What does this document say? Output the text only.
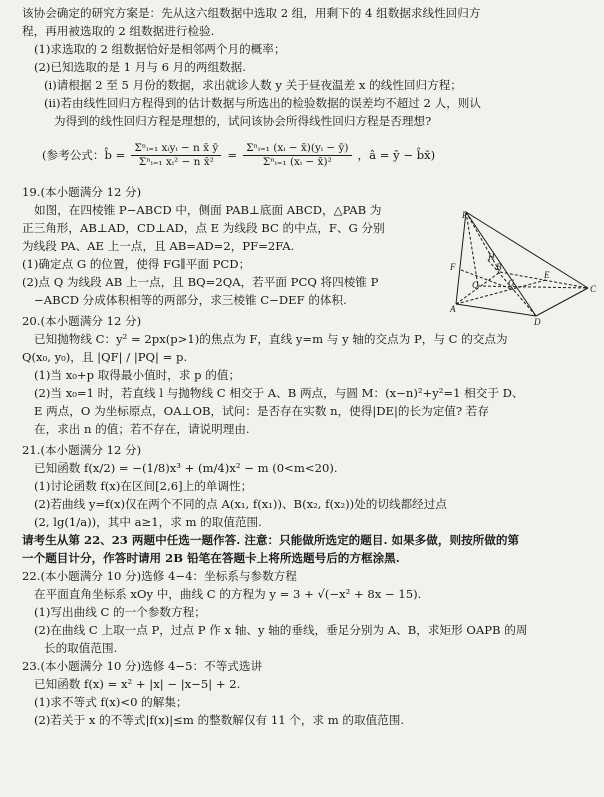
该协会确定的研究方案是：先从这六组数据中选取 2 组，用剩下的 4 组数据求线性回归方
程，再用被选取的 2 组数据进行检验.
(1)求选取的 2 组数据恰好是相邻两个月的概率；
(2)已知选取的是 1 月与 6 月的两组数据.
(i)请根据 2 至 5 月份的数据，求出就诊人数 y 关于昼夜温差 x 的线性回归方程；
(ii)若由线性回归方程得到的估计数据与所选出的检验数据的误差均不超过 2 人，则认
为得到的线性回归方程是理想的，试问该协会所得线性回归方程是否理想?
(参考公式：b̂ = $\frac{\text{Σⁿᵢ₌₁ xᵢyᵢ − n x̄ ȳ}}{\text{Σⁿᵢ₌₁ xᵢ² − n x̄²}} = \frac{\text{Σⁿᵢ₌₁ (xᵢ − x̄)(yᵢ − ȳ)}}{\text{Σⁿᵢ₌₁ (xᵢ − x̄)²}}$ ，â = ȳ − b̂x̄)
19.(本小题满分 12 分)
如图，在四棱锥 P−ABCD 中，侧面 PAB⊥底面 ABCD，△PAB 为
正三角形，AB⊥AD，CD⊥AD，点 E 为线段 BC 的中点，F、G 分别
为线段 PA、AE 上一点，且 AB=AD=2，PF=2FA.
(1)确定点 G 的位置，使得 FG∥平面 PCD；
(2)点 Q 为线段 AB 上一点，且 BQ=2QA，若平面 PCQ 将四棱锥 P
−ABCD 分成体积相等的两部分，求三棱锥 C−DEF 的体积.
P
F
H
B
Q	G
E
C
A
D
20.(本小题满分 12 分)
已知抛物线 C：y² = 2px(p>1)的焦点为 F，直线 y=m 与 y 轴的交点为 P，与 C 的交点为
Q(x₀, y₀)，且 |QF| / |PQ| = p.
(1)当 x₀+p 取得最小值时，求 p 的值；
(2)当 x₀=1 时，若直线 l 与抛物线 C 相交于 A、B 两点，与圆 M：(x−n)²+y²=1 相交于 D、
E 两点，O 为坐标原点，OA⊥OB，试问：是否存在实数 n，使得|DE|的长为定值? 若存
在，求出 n 的值；若不存在，请说明理由.
21.(本小题满分 12 分)
已知函数 f(x/2) = −(1/8)x³ + (m/4)x² − m (0<m<20).
(1)讨论函数 f(x)在区间[2,6]上的单调性；
(2)若曲线 y=f(x)仅在两个不同的点 A(x₁, f(x₁))、B(x₂, f(x₂))处的切线都经过点
(2, lg(1/a))，其中 a≥1，求 m 的取值范围.
请考生从第 22、23 两题中任选一题作答. 注意：只能做所选定的题目. 如果多做，则按所做的第
一个题目计分，作答时请用 2B 铅笔在答题卡上将所选题号后的方框涂黑.
22.(本小题满分 10 分)选修 4−4：坐标系与参数方程
在平面直角坐标系 xOy 中，曲线 C 的方程为 y = 3 + √(−x² + 8x − 15).
(1)写出曲线 C 的一个参数方程；
(2)在曲线 C 上取一点 P，过点 P 作 x 轴、y 轴的垂线，垂足分别为 A、B，求矩形 OAPB 的周
长的取值范围.
23.(本小题满分 10 分)选修 4−5：不等式选讲
已知函数 f(x) = x² + |x| − |x−5| + 2.
(1)求不等式 f(x)<0 的解集；
(2)若关于 x 的不等式|f(x)|≤m 的整数解仅有 11 个，求 m 的取值范围.
